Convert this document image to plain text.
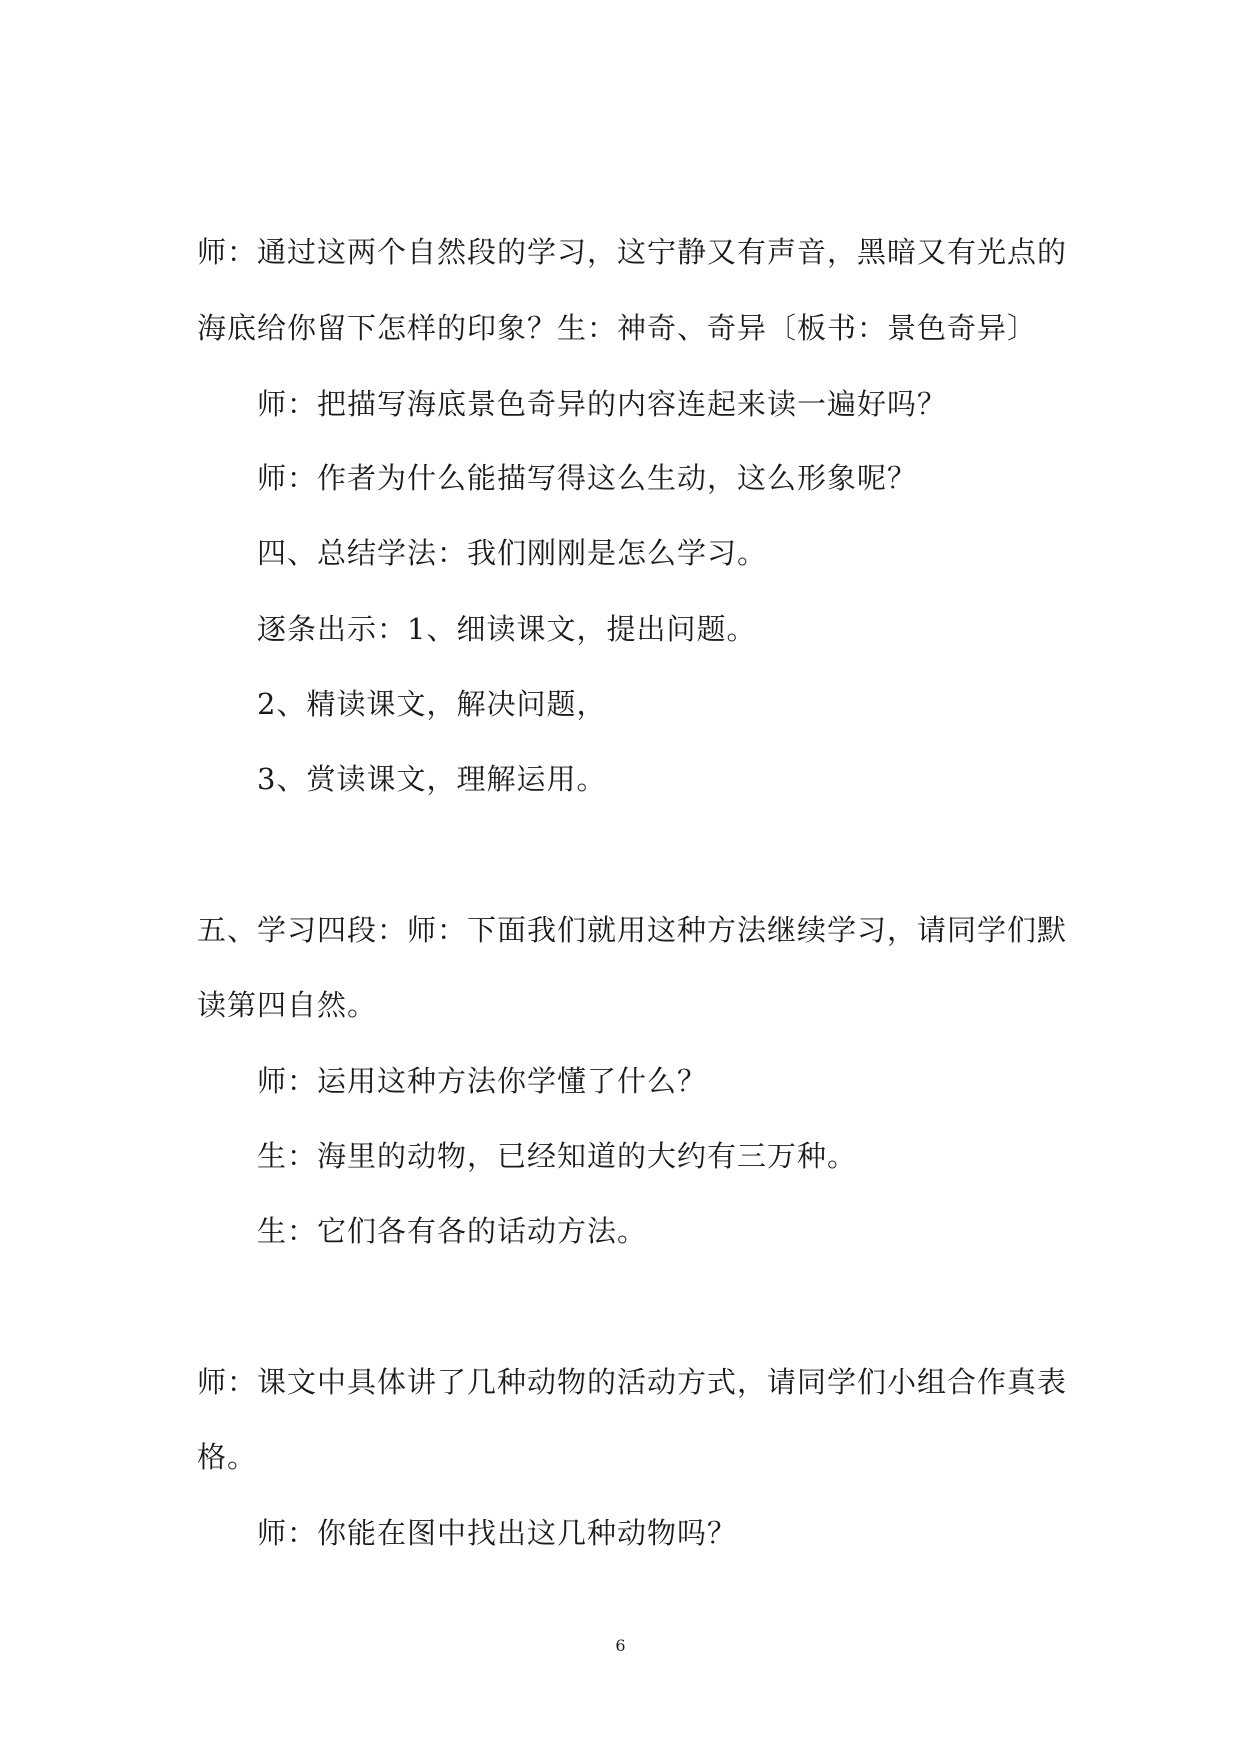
师：通过这两个自然段的学习，这宁静又有声音，黑暗又有光点的
海底给你留下怎样的印象？生：神奇、奇异〔板书：景色奇异〕
师：把描写海底景色奇异的内容连起来读一遍好吗？
师：作者为什么能描写得这么生动，这么形象呢？
四、总结学法：我们刚刚是怎么学习。
逐条出示：1、细读课文，提出问题。
2、精读课文，解决问题，
3、赏读课文，理解运用。
五、学习四段：师：下面我们就用这种方法继续学习，请同学们默
读第四自然。
师：运用这种方法你学懂了什么？
生：海里的动物，已经知道的大约有三万种。
生：它们各有各的话动方法。
师：课文中具体讲了几种动物的活动方式，请同学们小组合作真表
格。
师：你能在图中找出这几种动物吗？
6
